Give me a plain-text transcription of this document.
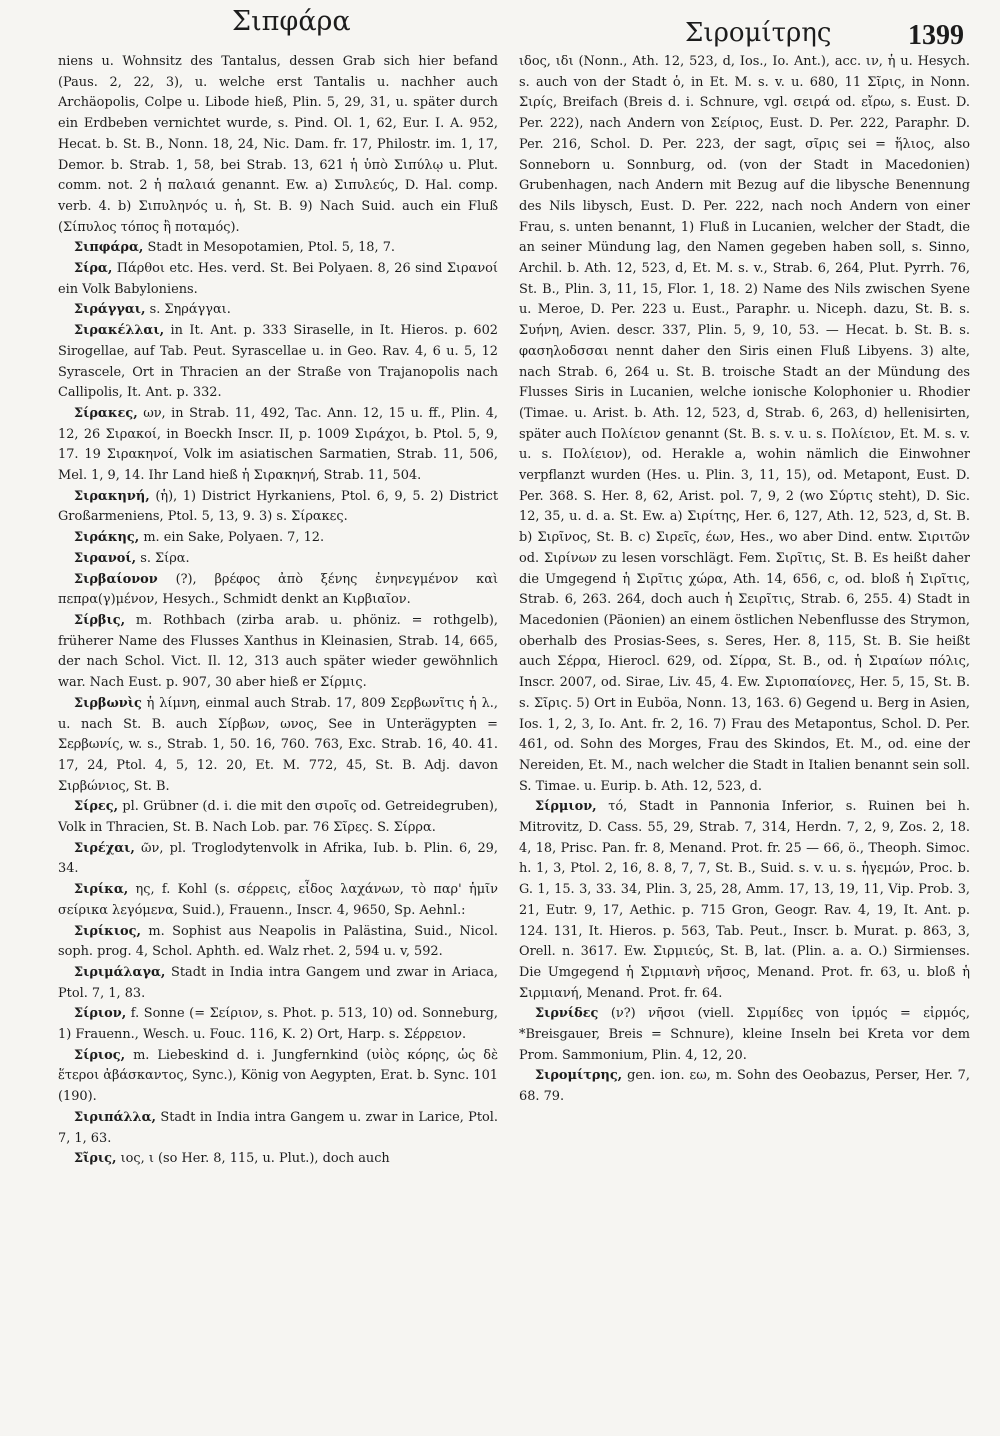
Σιπφάρα	Σιρομίτρης	1399

niens u. Wohnsitz des Tantalus, dessen Grab sich hier befand (Paus. 2, 22, 3), u. welche erst Tantalis u. nachher auch Archäopolis, Colpe u. Libode hieß, Plin. 5, 29, 31, u. später durch ein Erdbeben vernichtet wurde, s. Pind. Ol. 1, 62, Eur. I. A. 952, Hecat. b. St. B., Nonn. 18, 24, Nic. Dam. fr. 17, Philostr. im. 1, 17, Demor. b. Strab. 1, 58, bei Strab. 13, 621 ἡ ὑπὸ Σιπύλῳ u. Plut. comm. not. 2 ἡ παλαιά genannt. Ew. a) Σιπυλεύς, D. Hal. comp. verb. 4. b) Σιπυληνός u. ἡ, St. B. 9) Nach Suid. auch ein Fluß (Σίπυλος τόπος ἢ ποταμός).

Σιπφάρα, Stadt in Mesopotamien, Ptol. 5, 18, 7.

Σίρα, Πάρθοι etc. Hes. verd. St. Bei Polyaen. 8, 26 sind Σιρανοί ein Volk Babyloniens.

Σιράγγαι, s. Σηράγγαι.

Σιρακέλλαι, in It. Ant. p. 333 Siraselle, in It. Hieros. p. 602 Sirogellae, auf Tab. Peut. Syrascellae u. in Geo. Rav. 4, 6 u. 5, 12 Syrascele, Ort in Thracien an der Straße von Trajanopolis nach Callipolis, It. Ant. p. 332.

Σίρακες, ων, in Strab. 11, 492, Tac. Ann. 12, 15 u. ff., Plin. 4, 12, 26 Σιρακοί, in Boeckh Inscr. II, p. 1009 Σιράχοι, b. Ptol. 5, 9, 17. 19 Σιρακηνοί, Volk im asiatischen Sarmatien, Strab. 11, 506, Mel. 1, 9, 14. Ihr Land hieß ἡ Σιρακηνή, Strab. 11, 504.

Σιρακηνή, (ἡ), 1) District Hyrkaniens, Ptol. 6, 9, 5. 2) District Großarmeniens, Ptol. 5, 13, 9. 3) s. Σίρακες.

Σιράκης, m. ein Sake, Polyaen. 7, 12.

Σιρανοί, s. Σίρα.

Σιρβαίονον (?), βρέφος ἀπὸ ξένης ἐνηνεγμένον καὶ πεπρα(γ)μένον, Hesych., Schmidt denkt an Κιρβιαῖον.

Σίρβις, m. Rothbach (zirba arab. u. phöniz. = rothgelb), früherer Name des Flusses Xanthus in Kleinasien, Strab. 14, 665, der nach Schol. Vict. Il. 12, 313 auch später wieder gewöhnlich war. Nach Eust. p. 907, 30 aber hieß er Σίρμις.

Σιρβωνὶς ἡ λίμνη, einmal auch Strab. 17, 809 Σερβωνῖτις ἡ λ., u. nach St. B. auch Σίρβων, ωνος, See in Unterägypten = Σερβωνίς, w. s., Strab. 1, 50. 16, 760. 763, Exc. Strab. 16, 40. 41. 17, 24, Ptol. 4, 5, 12. 20, Et. M. 772, 45, St. B. Adj. davon Σιρβώνιος, St. B.

Σίρες, pl. Grübner (d. i. die mit den σιροῖς od. Getreidegruben), Volk in Thracien, St. B. Nach Lob. par. 76 Σῖρες. S. Σίρρα.

Σιρέχαι, ῶν, pl. Troglodytenvolk in Afrika, Iub. b. Plin. 6, 29, 34.

Σιρίκα, ης, f. Kohl (s. σέρρεις, εἶδος λαχάνων, τὸ παρ' ἡμῖν σείρικα λεγόμενα, Suid.), Frauenn., Inscr. 4, 9650, Sp. Aehnl.:

Σιρίκιος, m. Sophist aus Neapolis in Palästina, Suid., Nicol. soph. prog. 4, Schol. Aphth. ed. Walz rhet. 2, 594 u. v, 592.

Σιριμάλαγα, Stadt in India intra Gangem und zwar in Ariaca, Ptol. 7, 1, 83.

Σίριον, f. Sonne (= Σείριον, s. Phot. p. 513, 10) od. Sonneburg, 1) Frauenn., Wesch. u. Fouc. 116, K. 2) Ort, Harp. s. Σέρρειον.

Σίριος, m. Liebeskind d. i. Jungfernkind (υἱὸς κόρης, ὡς δὲ ἕτεροι ἀβάσκαντος, Sync.), König von Aegypten, Erat. b. Sync. 101 (190).

Σιριπάλλα, Stadt in India intra Gangem u. zwar in Larice, Ptol. 7, 1, 63.

Σῖρις, ιος, ι (so Her. 8, 115, u. Plut.), doch auch

ιδος, ιδι (Nonn., Ath. 12, 523, d, Ios., Io. Ant.), acc. ιν, ἡ u. Hesych. s. auch von der Stadt ὁ, in Et. M. s. v. u. 680, 11 Σῖρις, in Nonn. Σιρίς, Breifach (Breis d. i. Schnure, vgl. σειρά od. εἴρω, s. Eust. D. Per. 222), nach Andern von Σείριος, Eust. D. Per. 222, Paraphr. D. Per. 216, Schol. D. Per. 223, der sagt, σῖρις sei = ἥλιος, also Sonneborn u. Sonnburg, od. (von der Stadt in Macedonien) Grubenhagen, nach Andern mit Bezug auf die libysche Benennung des Nils libysch, Eust. D. Per. 222, nach noch Andern von einer Frau, s. unten benannt, 1) Fluß in Lucanien, welcher der Stadt, die an seiner Mündung lag, den Namen gegeben haben soll, s. Sinno, Archil. b. Ath. 12, 523, d, Et. M. s. v., Strab. 6, 264, Plut. Pyrrh. 76, St. B., Plin. 3, 11, 15, Flor. 1, 18. 2) Name des Nils zwischen Syene u. Meroe, D. Per. 223 u. Eust., Paraphr. u. Niceph. dazu, St. B. s. Συήνη, Avien. descr. 337, Plin. 5, 9, 10, 53. — Hecat. b. St. B. s. φασηλοδσσαι nennt daher den Siris einen Fluß Libyens. 3) alte, nach Strab. 6, 264 u. St. B. troische Stadt an der Mündung des Flusses Siris in Lucanien, welche ionische Kolophonier u. Rhodier (Timae. u. Arist. b. Ath. 12, 523, d, Strab. 6, 263, d) hellenisirten, später auch Πολίειον genannt (St. B. s. v. u. s. Πολίειον, Et. M. s. v. u. s. Πολίειον), od. Herakle a, wohin nämlich die Einwohner verpflanzt wurden (Hes. u. Plin. 3, 11, 15), od. Metapont, Eust. D. Per. 368. S. Her. 8, 62, Arist. pol. 7, 9, 2 (wo Σύρτις steht), D. Sic. 12, 35, u. d. a. St. Ew. a) Σιρίτης, Her. 6, 127, Ath. 12, 523, d, St. B. b) Σιρῖνος, St. B. c) Σιρεῖς, έων, Hes., wo aber Dind. entw. Σιριτῶν od. Σιρίνων zu lesen vorschlägt. Fem. Σιρῖτις, St. B. Es heißt daher die Umgegend ἡ Σιρῖτις χώρα, Ath. 14, 656, c, od. bloß ἡ Σιρῖτις, Strab. 6, 263. 264, doch auch ἡ Σειρῖτις, Strab. 6, 255. 4) Stadt in Macedonien (Päonien) an einem östlichen Nebenflusse des Strymon, oberhalb des Prosias-Sees, s. Seres, Her. 8, 115, St. B. Sie heißt auch Σέρρα, Hierocl. 629, od. Σίρρα, St. B., od. ἡ Σιραίων πόλις, Inscr. 2007, od. Sirae, Liv. 45, 4. Ew. Σιριοπαίονες, Her. 5, 15, St. B. s. Σῖρις. 5) Ort in Euböa, Nonn. 13, 163. 6) Gegend u. Berg in Asien, Ios. 1, 2, 3, Io. Ant. fr. 2, 16. 7) Frau des Metapontus, Schol. D. Per. 461, od. Sohn des Morges, Frau des Skindos, Et. M., od. eine der Nereiden, Et. M., nach welcher die Stadt in Italien benannt sein soll. S. Timae. u. Eurip. b. Ath. 12, 523, d.

Σίρμιον, τό, Stadt in Pannonia Inferior, s. Ruinen bei h. Mitrovitz, D. Cass. 55, 29, Strab. 7, 314, Herdn. 7, 2, 9, Zos. 2, 18. 4, 18, Prisc. Pan. fr. 8, Menand. Prot. fr. 25 — 66, ö., Theoph. Simoc. h. 1, 3, Ptol. 2, 16, 8. 8, 7, 7, St. B., Suid. s. v. u. s. ἡγεμών, Proc. b. G. 1, 15. 3, 33. 34, Plin. 3, 25, 28, Amm. 17, 13, 19, 11, Vip. Prob. 3, 21, Eutr. 9, 17, Aethic. p. 715 Gron, Geogr. Rav. 4, 19, It. Ant. p. 124. 131, It. Hieros. p. 563, Tab. Peut., Inscr. b. Murat. p. 863, 3, Orell. n. 3617. Ew. Σιρμιεύς, St. B, lat. (Plin. a. a. O.) Sirmienses. Die Umgegend ἡ Σιρμιανὴ νῆσος, Menand. Prot. fr. 63, u. bloß ἡ Σιρμιανή, Menand. Prot. fr. 64.

Σιρνίδες (ν?) νῆσοι (viell. Σιρμίδες von ἱρμός = εἰρμός, *Breisgauer, Breis = Schnure), kleine Inseln bei Kreta vor dem Prom. Sammonium, Plin. 4, 12, 20.

Σιρομίτρης, gen. ion. εω, m. Sohn des Oeobazus, Perser, Her. 7, 68. 79.
